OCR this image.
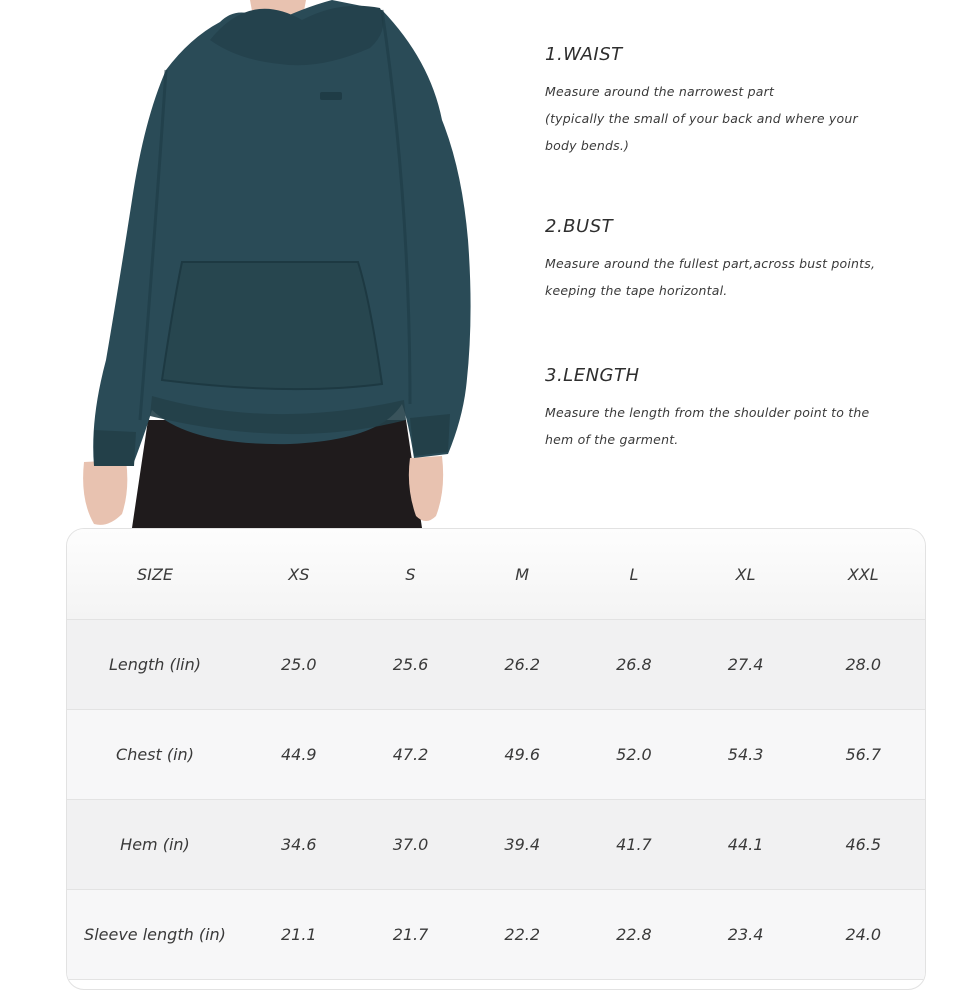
1.WAIST

Measure around the narrowest part
(typically the small of your back and where your
body bends.)

2.BUST

Measure around the fullest part,across bust points,
keeping the tape horizontal.

3.LENGTH

Measure the length from the shoulder point to the
hem of the garment.

SIZE	XS	S	M	L	XL	XXL
Length (lin)	25.0	25.6	26.2	26.8	27.4	28.0
Chest (in)	44.9	47.2	49.6	52.0	54.3	56.7
Hem (in)	34.6	37.0	39.4	41.7	44.1	46.5
Sleeve length (in)	21.1	21.7	22.2	22.8	23.4	24.0
